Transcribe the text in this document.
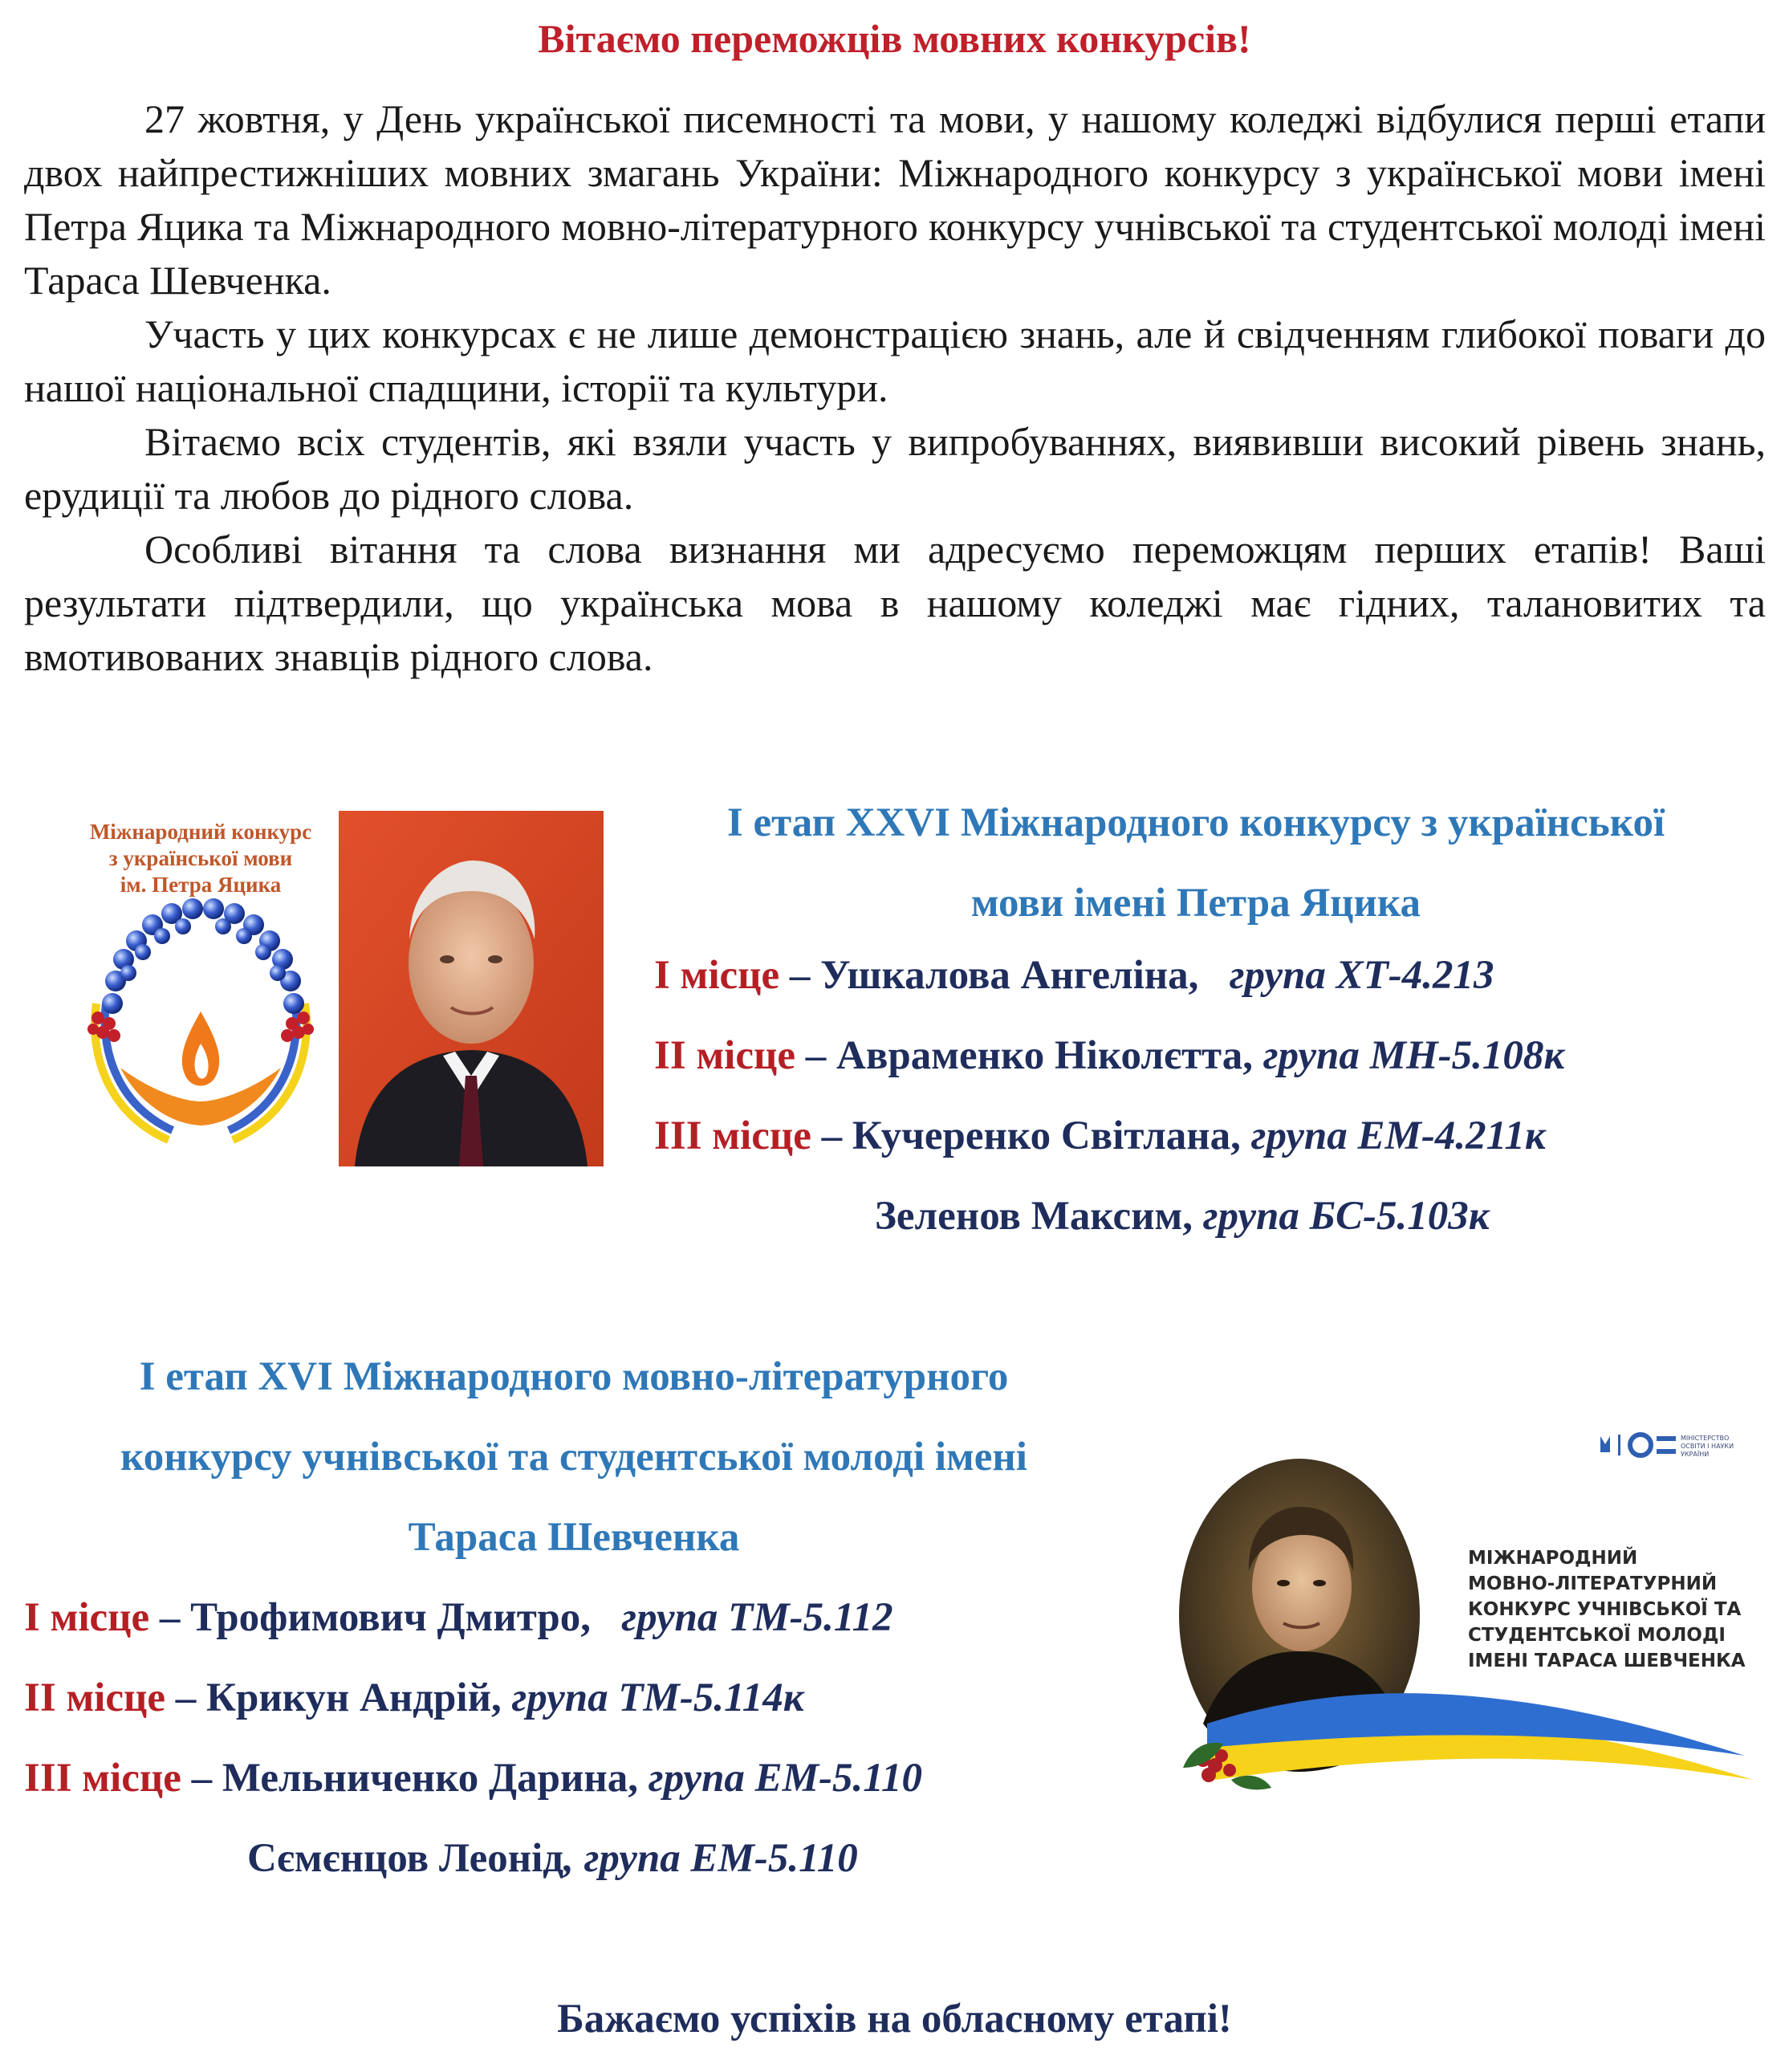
Вітаємо переможців мовних конкурсів!

27 жовтня, у День української писемності та мови, у нашому коледжі відбулися перші етапи двох найпрестижніших мовних змагань України: Міжнародного конкурсу з української мови імені Петра Яцика та Міжнародного мовно-літературного конкурсу учнівської та студентської молоді імені Тараса Шевченка.

Участь у цих конкурсах є не лише демонстрацією знань, але й свідченням глибокої поваги до нашої національної спадщини, історії та культури.

Вітаємо всіх студентів, які взяли участь у випробуваннях, виявивши високий рівень знань, ерудиції та любов до рідного слова.

Особливі вітання та слова визнання ми адресуємо переможцям перших етапів! Ваші результати підтвердили, що українська мова в нашому коледжі має гідних, талановитих та вмотивованих знавців рідного слова.

Міжнародний конкурс
з української мови
ім. Петра Яцика
І етап XXVI Міжнародного конкурсу з української
мови імені Петра Яцика
І місце – Ушкалова Ангеліна,   група ХТ-4.213
ІІ місце – Авраменко Ніколєтта, група МН-5.108к
ІІІ місце – Кучеренко Світлана, група ЕМ-4.211к
Зеленов Максим, група БС-5.103к
І етап XVI Міжнародного мовно-літературного
конкурсу учнівської та студентської молоді імені
Тараса Шевченка
І місце – Трофимович Дмитро,   група ТМ-5.112
ІІ місце – Крикун Андрій, група ТМ-5.114к
ІІІ місце – Мельниченко Дарина, група ЕМ-5.110
Сємєнцов Леонід, група ЕМ-5.110
МІНІСТЕРСТВО
ОСВІТИ І НАУКИ
УКРАЇНИ
МІЖНАРОДНИЙ
МОВНО-ЛІТЕРАТУРНИЙ
КОНКУРС УЧНІВСЬКОЇ ТА
СТУДЕНТСЬКОЇ МОЛОДІ
ІМЕНІ ТАРАСА ШЕВЧЕНКА
Бажаємо успіхів на обласному етапі!
